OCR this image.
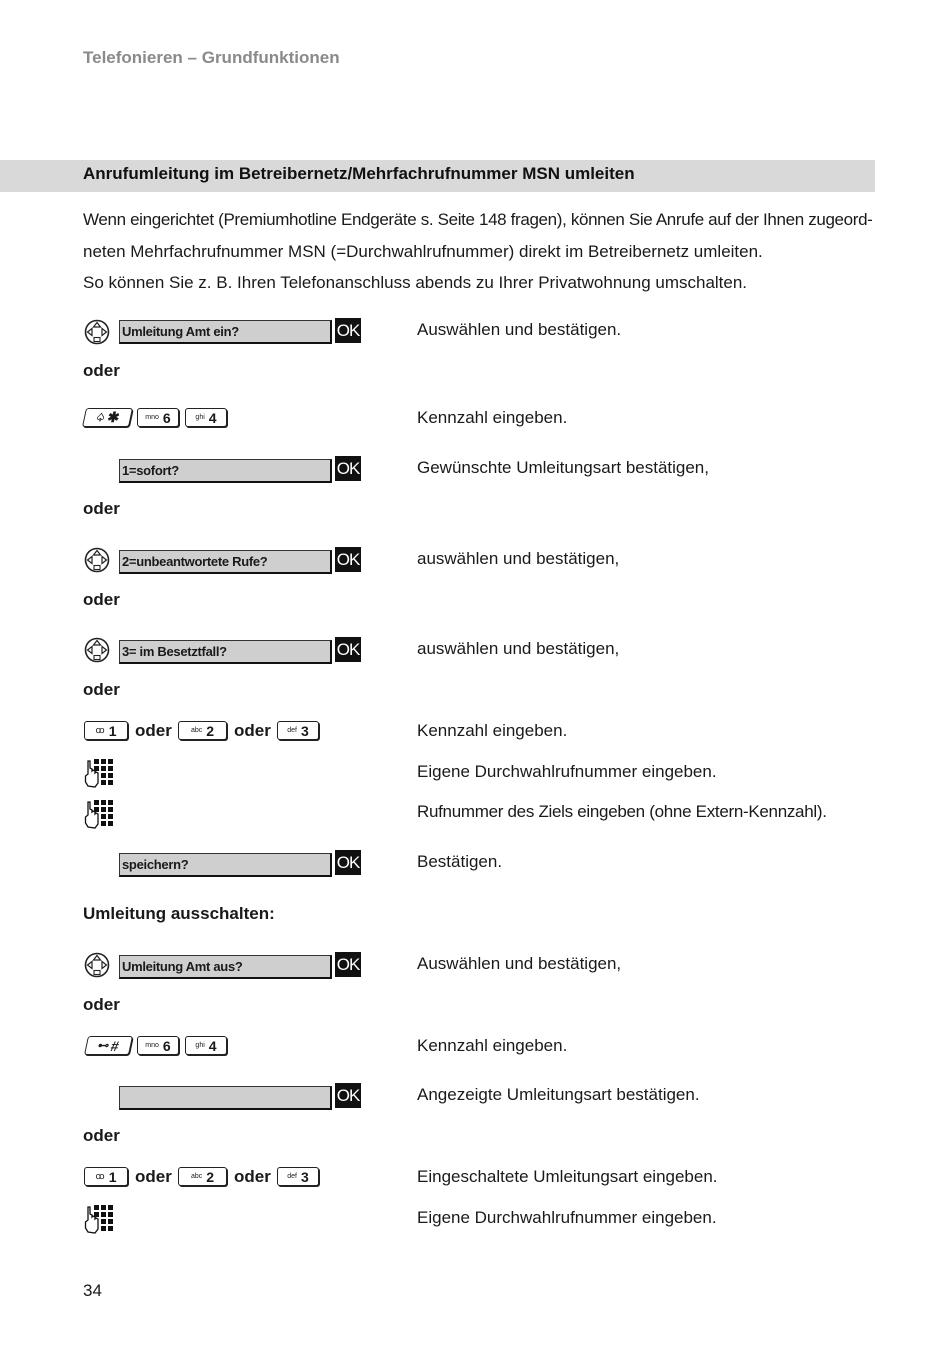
Telefonieren – Grundfunktionen
Anrufumleitung im Betreibernetz/Mehrfachrufnummer MSN umleiten

Wenn eingerichtet (Premiumhotline Endgeräte s. Seite 148 fragen), können Sie Anrufe auf der Ihnen zugeord-

neten Mehrfachrufnummer MSN (=Durchwahlrufnummer) direkt im Betreibernetz umleiten.

So können Sie z. B. Ihren Telefonanschluss abends zu Ihrer Privatwohnung umschalten.

Umleitung Amt ein?	OK	Auswählen und bestätigen.
oder
♤ ✱	mno 6	ghi 4	Kennzahl eingeben.
1=sofort?	OK	Gewünschte Umleitungsart bestätigen,
oder
2=unbeantwortete Rufe?	OK	auswählen und bestätigen,
oder
3= im Besetztfall?	OK	auswählen und bestätigen,
oder
ꝏ 1 oder	abc 2 oder def 3	Kennzahl eingeben.
Eigene Durchwahlrufnummer eingeben.
Rufnummer des Ziels eingeben (ohne Extern-Kennzahl).
speichern?	OK	Bestätigen.
Umleitung ausschalten:
Umleitung Amt aus?	OK	Auswählen und bestätigen,
oder
⊷ #	mno 6	ghi 4	Kennzahl eingeben.
OK	Angezeigte Umleitungsart bestätigen.
oder
ꝏ 1 oder	abc 2 oder def 3	Eingeschaltete Umleitungsart eingeben.
Eigene Durchwahlrufnummer eingeben.
34
